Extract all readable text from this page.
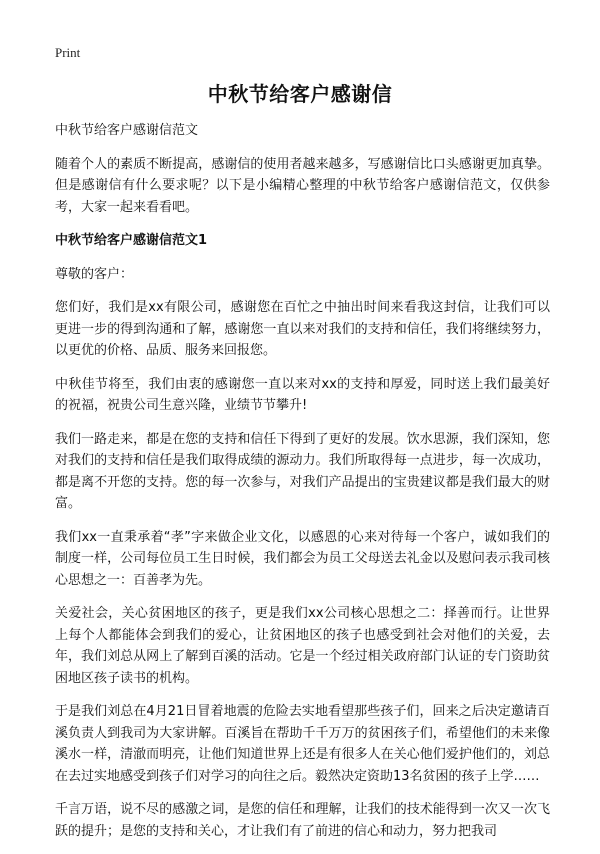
Print
中秋节给客户感谢信

中秋节给客户感谢信范文

随着个人的素质不断提高，感谢信的使用者越来越多，写感谢信比口头感谢更加真挚。但是感谢信有什么要求呢？以下是小编精心整理的中秋节给客户感谢信范文，仅供参考，大家一起来看看吧。

中秋节给客户感谢信范文1

尊敬的客户：

您们好，我们是xx有限公司，感谢您在百忙之中抽出时间来看我这封信，让我们可以更进一步的得到沟通和了解，感谢您一直以来对我们的支持和信任，我们将继续努力，以更优的价格、品质、服务来回报您。

中秋佳节将至，我们由衷的感谢您一直以来对xx的支持和厚爱，同时送上我们最美好的祝福，祝贵公司生意兴隆，业绩节节攀升!

我们一路走来，都是在您的支持和信任下得到了更好的发展。饮水思源，我们深知，您对我们的支持和信任是我们取得成绩的源动力。我们所取得每一点进步，每一次成功，都是离不开您的支持。您的每一次参与，对我们产品提出的宝贵建议都是我们最大的财富。

我们xx一直秉承着“孝”字来做企业文化，以感恩的心来对待每一个客户，诚如我们的制度一样，公司每位员工生日时候，我们都会为员工父母送去礼金以及慰问表示我司核心思想之一：百善孝为先。

关爱社会，关心贫困地区的孩子，更是我们xx公司核心思想之二：择善而行。让世界上每个人都能体会到我们的爱心，让贫困地区的孩子也感受到社会对他们的关爱，去年，我们刘总从网上了解到百溪的活动。它是一个经过相关政府部门认证的专门资助贫困地区孩子读书的机构。

于是我们刘总在4月21日冒着地震的危险去实地看望那些孩子们，回来之后决定邀请百溪负责人到我司为大家讲解。百溪旨在帮助千千万万的贫困孩子们，希望他们的未来像溪水一样，清澈而明亮，让他们知道世界上还是有很多人在关心他们爱护他们的，刘总在去过实地感受到孩子们对学习的向往之后。毅然决定资助13名贫困的孩子上学……

千言万语，说不尽的感激之词，是您的信任和理解，让我们的技术能得到一次又一次飞跃的提升；是您的支持和关心，才让我们有了前进的信心和动力，努力把我司
